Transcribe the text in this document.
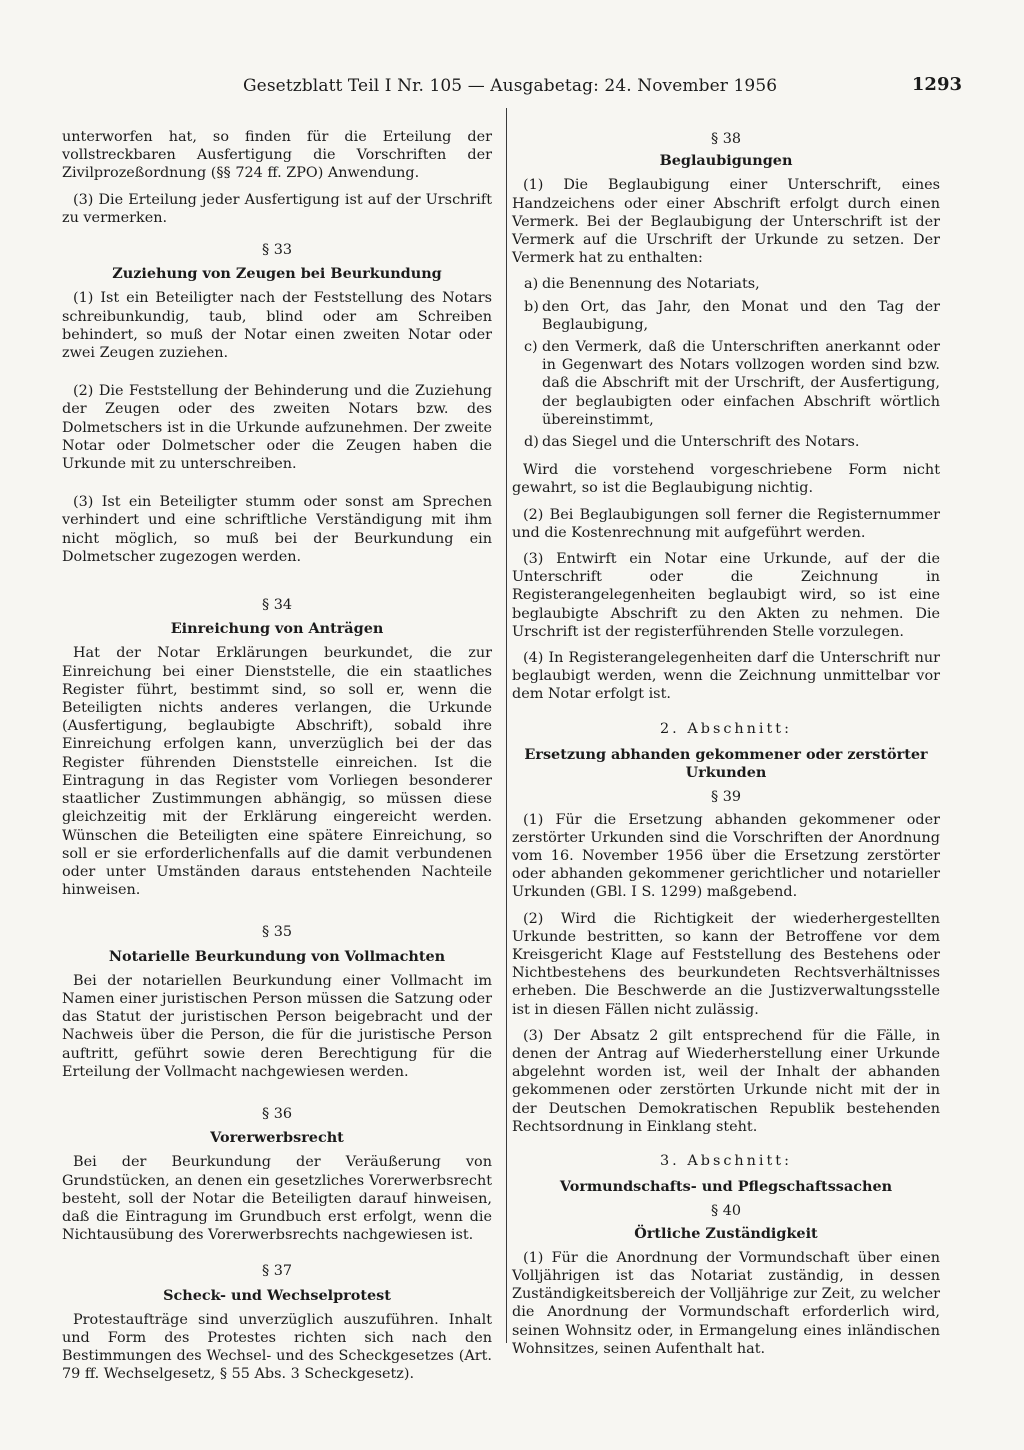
Gesetzblatt Teil I Nr. 105 — Ausgabetag: 24. November 1956	1293

unterworfen hat, so finden für die Erteilung der vollstreckbaren Ausfertigung die Vorschriften der Zivilprozeßordnung (§§ 724 ff. ZPO) Anwendung.

(3) Die Erteilung jeder Ausfertigung ist auf der Urschrift zu vermerken.

§ 33
Zuziehung von Zeugen bei Beurkundung

(1) Ist ein Beteiligter nach der Feststellung des Notars schreibunkundig, taub, blind oder am Schreiben behindert, so muß der Notar einen zweiten Notar oder zwei Zeugen zuziehen.

(2) Die Feststellung der Behinderung und die Zuziehung der Zeugen oder des zweiten Notars bzw. des Dolmetschers ist in die Urkunde aufzunehmen. Der zweite Notar oder Dolmetscher oder die Zeugen haben die Urkunde mit zu unterschreiben.

(3) Ist ein Beteiligter stumm oder sonst am Sprechen verhindert und eine schriftliche Verständigung mit ihm nicht möglich, so muß bei der Beurkundung ein Dolmetscher zugezogen werden.

§ 34
Einreichung von Anträgen

Hat der Notar Erklärungen beurkundet, die zur Einreichung bei einer Dienststelle, die ein staatliches Register führt, bestimmt sind, so soll er, wenn die Beteiligten nichts anderes verlangen, die Urkunde (Ausfertigung, beglaubigte Abschrift), sobald ihre Einreichung erfolgen kann, unverzüglich bei der das Register führenden Dienststelle einreichen. Ist die Eintragung in das Register vom Vorliegen besonderer staatlicher Zustimmungen abhängig, so müssen diese gleichzeitig mit der Erklärung eingereicht werden. Wünschen die Beteiligten eine spätere Einreichung, so soll er sie erforderlichenfalls auf die damit verbundenen oder unter Umständen daraus entstehenden Nachteile hinweisen.

§ 35
Notarielle Beurkundung von Vollmachten

Bei der notariellen Beurkundung einer Vollmacht im Namen einer juristischen Person müssen die Satzung oder das Statut der juristischen Person beigebracht und der Nachweis über die Person, die für die juristische Person auftritt, geführt sowie deren Berechtigung für die Erteilung der Vollmacht nachgewiesen werden.

§ 36
Vorerwerbsrecht

Bei der Beurkundung der Veräußerung von Grundstücken, an denen ein gesetzliches Vorerwerbsrecht besteht, soll der Notar die Beteiligten darauf hinweisen, daß die Eintragung im Grundbuch erst erfolgt, wenn die Nichtausübung des Vorerwerbsrechts nachgewiesen ist.

§ 37
Scheck- und Wechselprotest

Protestaufträge sind unverzüglich auszuführen. Inhalt und Form des Protestes richten sich nach den Bestimmungen des Wechsel- und des Scheckgesetzes (Art. 79 ff. Wechselgesetz, § 55 Abs. 3 Scheckgesetz).

§ 38
Beglaubigungen

(1) Die Beglaubigung einer Unterschrift, eines Handzeichens oder einer Abschrift erfolgt durch einen Vermerk. Bei der Beglaubigung der Unterschrift ist der Vermerk auf die Urschrift der Urkunde zu setzen. Der Vermerk hat zu enthalten:

a) die Benennung des Notariats,
b) den Ort, das Jahr, den Monat und den Tag der Beglaubigung,
c) den Vermerk, daß die Unterschriften anerkannt oder in Gegenwart des Notars vollzogen worden sind bzw. daß die Abschrift mit der Urschrift, der Ausfertigung, der beglaubigten oder einfachen Abschrift wörtlich übereinstimmt,
d) das Siegel und die Unterschrift des Notars.

Wird die vorstehend vorgeschriebene Form nicht gewahrt, so ist die Beglaubigung nichtig.

(2) Bei Beglaubigungen soll ferner die Registernummer und die Kostenrechnung mit aufgeführt werden.

(3) Entwirft ein Notar eine Urkunde, auf der die Unterschrift oder die Zeichnung in Registerangelegenheiten beglaubigt wird, so ist eine beglaubigte Abschrift zu den Akten zu nehmen. Die Urschrift ist der registerführenden Stelle vorzulegen.

(4) In Registerangelegenheiten darf die Unterschrift nur beglaubigt werden, wenn die Zeichnung unmittelbar vor dem Notar erfolgt ist.

2. Abschnitt:
Ersetzung abhanden gekommener oder zerstörter Urkunden
§ 39

(1) Für die Ersetzung abhanden gekommener oder zerstörter Urkunden sind die Vorschriften der Anordnung vom 16. November 1956 über die Ersetzung zerstörter oder abhanden gekommener gerichtlicher und notarieller Urkunden (GBl. I S. 1299) maßgebend.

(2) Wird die Richtigkeit der wiederhergestellten Urkunde bestritten, so kann der Betroffene vor dem Kreisgericht Klage auf Feststellung des Bestehens oder Nichtbestehens des beurkundeten Rechtsverhältnisses erheben. Die Beschwerde an die Justizverwaltungsstelle ist in diesen Fällen nicht zulässig.

(3) Der Absatz 2 gilt entsprechend für die Fälle, in denen der Antrag auf Wiederherstellung einer Urkunde abgelehnt worden ist, weil der Inhalt der abhanden gekommenen oder zerstörten Urkunde nicht mit der in der Deutschen Demokratischen Republik bestehenden Rechtsordnung in Einklang steht.

3. Abschnitt:
Vormundschafts- und Pflegschaftssachen
§ 40
Örtliche Zuständigkeit

(1) Für die Anordnung der Vormundschaft über einen Volljährigen ist das Notariat zuständig, in dessen Zuständigkeitsbereich der Volljährige zur Zeit, zu welcher die Anordnung der Vormundschaft erforderlich wird, seinen Wohnsitz oder, in Ermangelung eines inländischen Wohnsitzes, seinen Aufenthalt hat.
